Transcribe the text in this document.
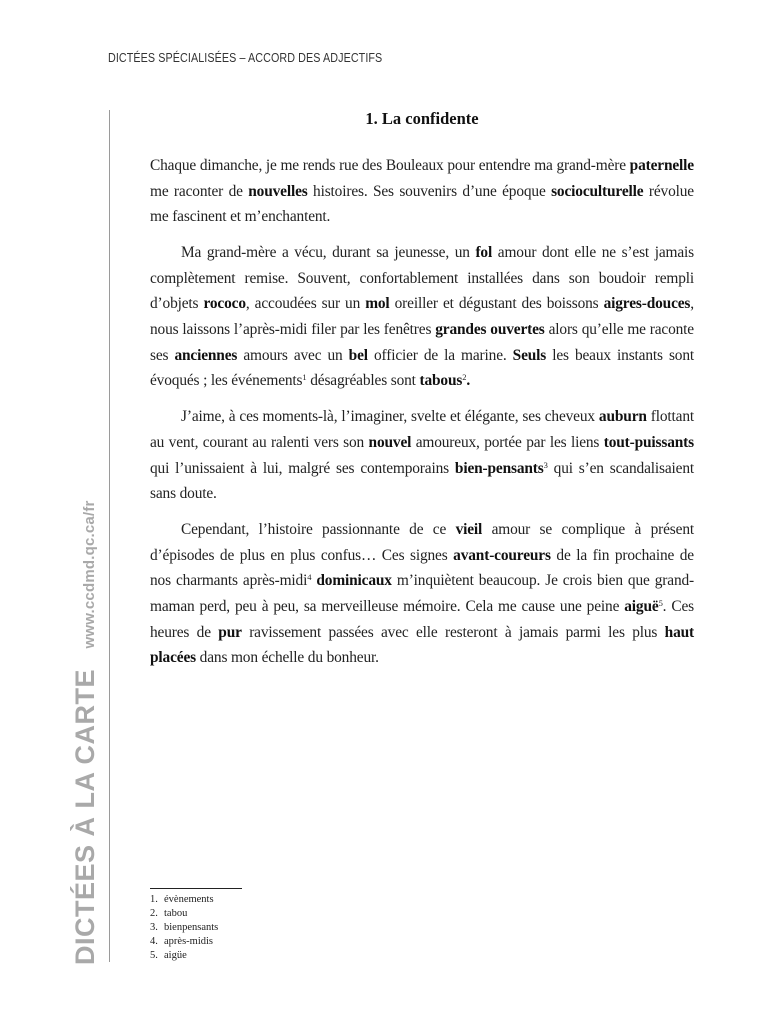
DICTÉES SPÉCIALISÉES – ACCORD DES ADJECTIFS
DICTÉES À LA CARTE www.ccdmd.qc.ca/fr
1. La confidente

Chaque dimanche, je me rends rue des Bouleaux pour entendre ma grand-mère paternelle me raconter de nouvelles histoires. Ses souvenirs d’une époque socioculturelle révolue me fascinent et m’enchantent.

Ma grand-mère a vécu, durant sa jeunesse, un fol amour dont elle ne s’est jamais complètement remise. Souvent, confortablement installées dans son boudoir rempli d’objets rococo, accoudées sur un mol oreiller et dégustant des boissons aigres-douces, nous laissons l’après-midi filer par les fenêtres grandes ouvertes alors qu’elle me raconte ses anciennes amours avec un bel officier de la marine. Seuls les beaux instants sont évoqués ; les événements$^1$ désagréables sont tabous$^2$.

J’aime, à ces moments-là, l’imaginer, svelte et élégante, ses cheveux auburn flottant au vent, courant au ralenti vers son nouvel amoureux, portée par les liens tout-puissants qui l’unissaient à lui, malgré ses contemporains bien-pensants$^3$ qui s’en scandalisaient sans doute.

Cependant, l’histoire passionnante de ce vieil amour se complique à présent d’épisodes de plus en plus confus… Ces signes avant-coureurs de la fin prochaine de nos charmants après-midi$^4$ dominicaux m’inquiètent beaucoup. Je crois bien que grand-maman perd, peu à peu, sa merveilleuse mémoire. Cela me cause une peine aiguë$^5$. Ces heures de pur ravissement passées avec elle resteront à jamais parmi les plus haut placées dans mon échelle du bonheur.

1. évènements
2. tabou
3. bienpensants
4. après-midis
5. aigüe
